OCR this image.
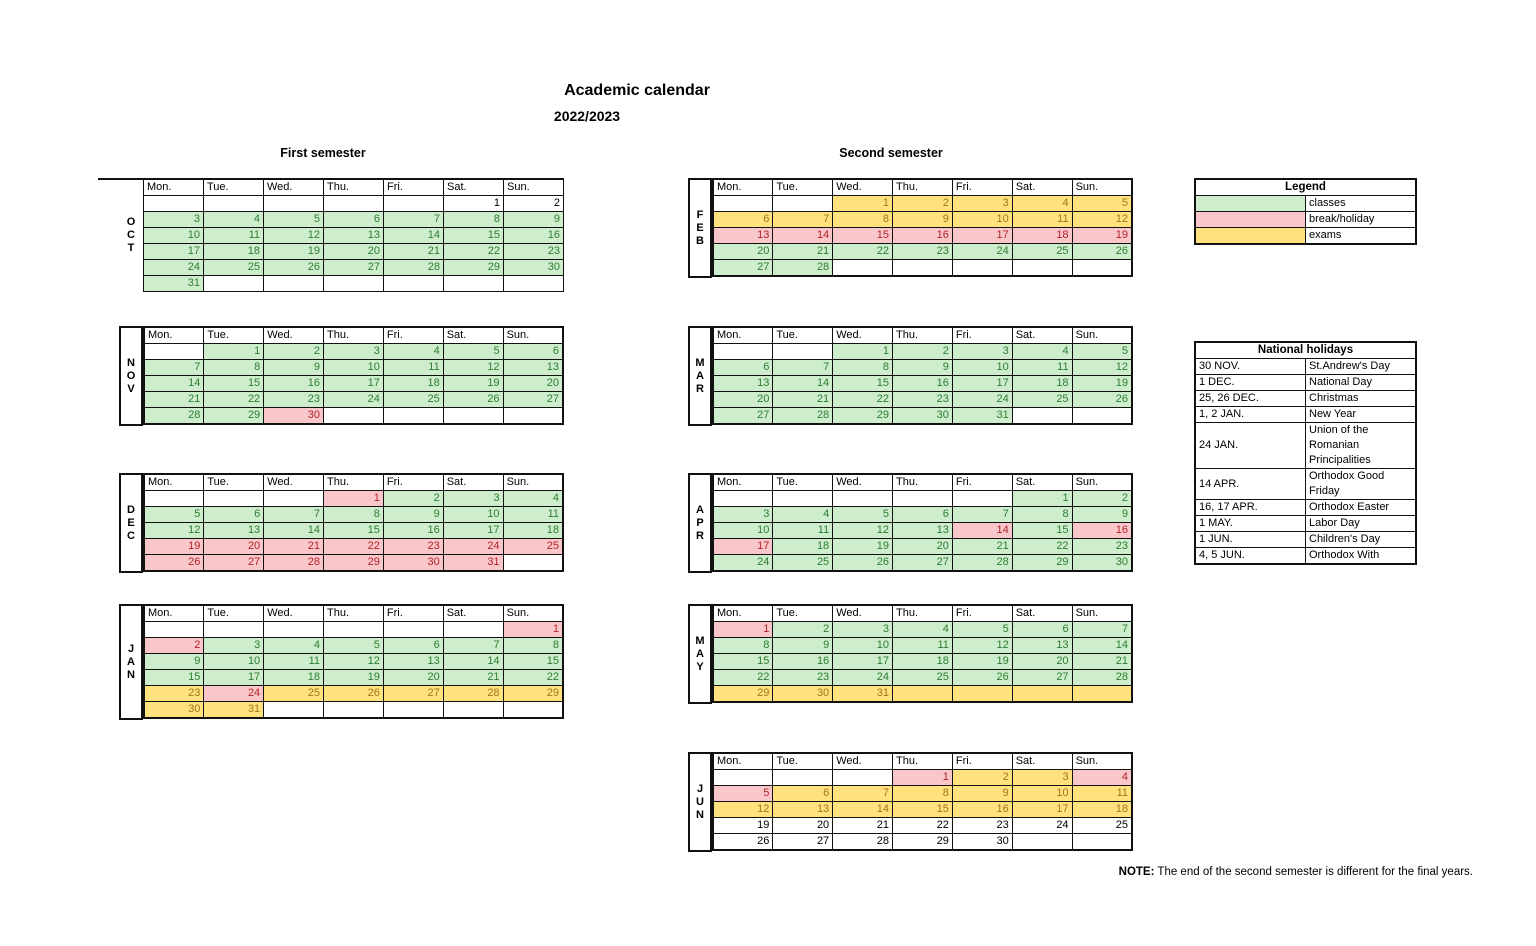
Academic calendar
2022/2023
First semester	Second semester
O
C
T
Mon.	Tue.	Wed.	Thu.	Fri.	Sat.	Sun.
					1	2
3	4	5	6	7	8	9
10	11	12	13	14	15	16
17	18	19	20	21	22	23
24	25	26	27	28	29	30
31						
N
O
V
Mon.	Tue.	Wed.	Thu.	Fri.	Sat.	Sun.
	1	2	3	4	5	6
7	8	9	10	11	12	13
14	15	16	17	18	19	20
21	22	23	24	25	26	27
28	29	30				
D
E
C
Mon.	Tue.	Wed.	Thu.	Fri.	Sat.	Sun.
			1	2	3	4
5	6	7	8	9	10	11
12	13	14	15	16	17	18
19	20	21	22	23	24	25
26	27	28	29	30	31	
J
A
N
Mon.	Tue.	Wed.	Thu.	Fri.	Sat.	Sun.
						1
2	3	4	5	6	7	8
9	10	11	12	13	14	15
15	17	18	19	20	21	22
23	24	25	26	27	28	29
30	31					
F
E
B
Mon.	Tue.	Wed.	Thu.	Fri.	Sat.	Sun.
		1	2	3	4	5
6	7	8	9	10	11	12
13	14	15	16	17	18	19
20	21	22	23	24	25	26
27	28					
M
A
R
Mon.	Tue.	Wed.	Thu.	Fri.	Sat.	Sun.
		1	2	3	4	5
6	7	8	9	10	11	12
13	14	15	16	17	18	19
20	21	22	23	24	25	26
27	28	29	30	31		
A
P
R
Mon.	Tue.	Wed.	Thu.	Fri.	Sat.	Sun.
					1	2
3	4	5	6	7	8	9
10	11	12	13	14	15	16
17	18	19	20	21	22	23
24	25	26	27	28	29	30
M
A
Y
Mon.	Tue.	Wed.	Thu.	Fri.	Sat.	Sun.
1	2	3	4	5	6	7
8	9	10	11	12	13	14
15	16	17	18	19	20	21
22	23	24	25	26	27	28
29	30	31				
J
U
N
Mon.	Tue.	Wed.	Thu.	Fri.	Sat.	Sun.
			1	2	3	4
5	6	7	8	9	10	11
12	13	14	15	16	17	18
19	20	21	22	23	24	25
26	27	28	29	30		
Legend	
	classes
	break/holiday
	exams
National holidays	
30 NOV.	St.Andrew's Day
1 DEC.	National Day
25, 26 DEC.	Christmas
1, 2 JAN.	New Year
24 JAN.	Union of the Romanian Principalities
14 APR.	Orthodox Good Friday
16, 17 APR.	Orthodox Easter
1 MAY.	Labor Day
1 JUN.	Children's Day
4, 5 JUN.	Orthodox With
NOTE: The end of the second semester is different for the final years.
